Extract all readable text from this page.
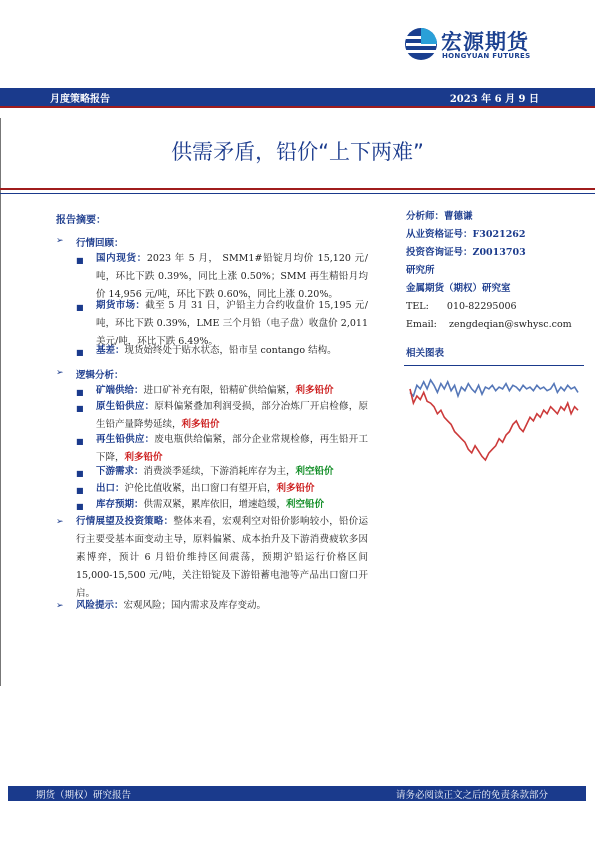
宏源期货
HONGYUAN FUTURES
月度策略报告	2023 年 6 月 9 日
供需矛盾，铅价“上下两难”
报告摘要：
➢ 行情回顾：
■ 国内现货：2023 年 5 月， SMM1#铅锭月均价 15,120 元/吨，环比下跌 0.39%，同比上涨 0.50%；SMM 再生精铅月均价 14,956 元/吨，环比下跌 0.60%，同比上涨 0.20%。
■ 期货市场：截至 5 月 31 日，沪铅主力合约收盘价 15,195 元/吨，环比下跌 0.39%，LME 三个月铅（电子盘）收盘价 2,011 美元/吨，环比下跌 6.49%。
■ 基差：现货始终处于贴水状态，铅市呈 contango 结构。
➢ 逻辑分析：
■ 矿端供给：进口矿补充有限，铅精矿供给偏紧，利多铅价
■ 原生铅供应：原料偏紧叠加利润受损，部分冶炼厂开启检修，原生铅产量降势延续，利多铅价
■ 再生铅供应：废电瓶供给偏紧，部分企业常规检修，再生铅开工下降，利多铅价
■ 下游需求：消费淡季延续，下游消耗库存为主，利空铅价
■ 出口：沪伦比值收紧，出口窗口有望开启，利多铅价
■ 库存预期：供需双紧，累库依旧，增速趋缓，利空铅价
➢ 行情展望及投资策略：整体来看，宏观利空对铅价影响较小，铅价运行主要受基本面变动主导，原料偏紧、成本抬升及下游消费疲软多因素博弈，预计 6 月铅价维持区间震荡，预期沪铅运行价格区间 15,000-15,500 元/吨，关注铅锭及下游铅蓄电池等产品出口窗口开启。
➢ 风险提示：宏观风险；国内需求及库存变动。
分析师：曹德谦
从业资格证号：F3021262
投资咨询证号：Z0013703
研究所
金属期货（期权）研究室
TEL: 010-82295006
Email: zengdeqian@swhysc.com
相关图表
期货（期权）研究报告	请务必阅读正文之后的免责条款部分
